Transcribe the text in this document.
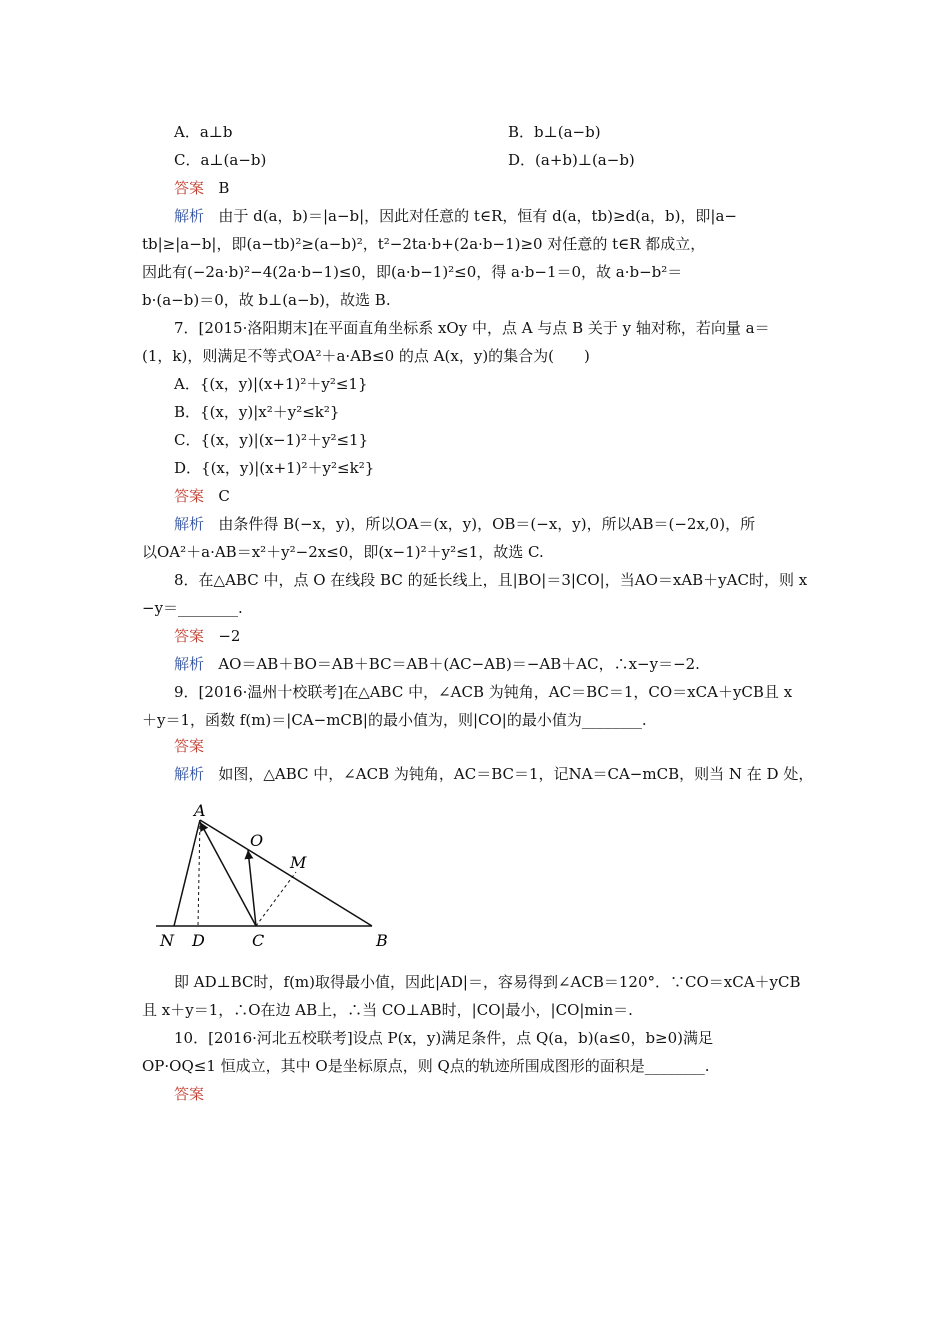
A．a⊥b	B．b⊥(a−b)
C．a⊥(a−b)	D．(a+b)⊥(a−b)
答案 B
解析 由于 d(a，b)＝|a−b|，因此对任意的 t∈R，恒有 d(a，tb)≥d(a，b)，即|a−
tb|≥|a−b|，即(a−tb)²≥(a−b)²，t²−2ta·b+(2a·b−1)≥0 对任意的 t∈R 都成立，
因此有(−2a·b)²−4(2a·b−1)≤0，即(a·b−1)²≤0，得 a·b−1＝0，故 a·b−b²＝
b·(a−b)＝0，故 b⊥(a−b)，故选 B.
7．[2015·洛阳期末]在平面直角坐标系 xOy 中，点 A 与点 B 关于 y 轴对称，若向量 a＝
(1，k)，则满足不等式OA²＋a·AB≤0 的点 A(x，y)的集合为(　　)
A．{(x，y)|(x+1)²＋y²≤1}
B．{(x，y)|x²＋y²≤k²}
C．{(x，y)|(x−1)²＋y²≤1}
D．{(x，y)|(x+1)²＋y²≤k²}
答案 C
解析 由条件得 B(−x，y)，所以OA＝(x，y)，OB＝(−x，y)，所以AB＝(−2x,0)，所
以OA²＋a·AB＝x²＋y²−2x≤0，即(x−1)²＋y²≤1，故选 C.
8．在△ABC 中，点 O 在线段 BC 的延长线上，且|BO|＝3|CO|，当AO＝xAB＋yAC时，则 x
−y＝________.
答案 −2
解析 AO＝AB＋BO＝AB＋BC＝AB＋(AC−AB)＝−AB＋AC，∴x−y＝−2.
9．[2016·温州十校联考]在△ABC 中，∠ACB 为钝角，AC＝BC＝1，CO＝xCA＋yCB且 x
＋y＝1，函数 f(m)＝|CA−mCB|的最小值为，则|CO|的最小值为________.
答案
解析 如图，△ABC 中，∠ACB 为钝角，AC＝BC＝1，记NA＝CA−mCB，则当 N 在 D 处，
A
O
M
N D	C	B
即 AD⊥BC时，f(m)取得最小值，因此|AD|＝，容易得到∠ACB＝120°．∵CO＝xCA＋yCB
且 x＋y＝1，∴O在边 AB上，∴当 CO⊥AB时，|CO|最小，|CO|min＝.
10．[2016·河北五校联考]设点 P(x，y)满足条件，点 Q(a，b)(a≤0，b≥0)满足
OP·OQ≤1 恒成立，其中 O是坐标原点，则 Q点的轨迹所围成图形的面积是________.
答案
